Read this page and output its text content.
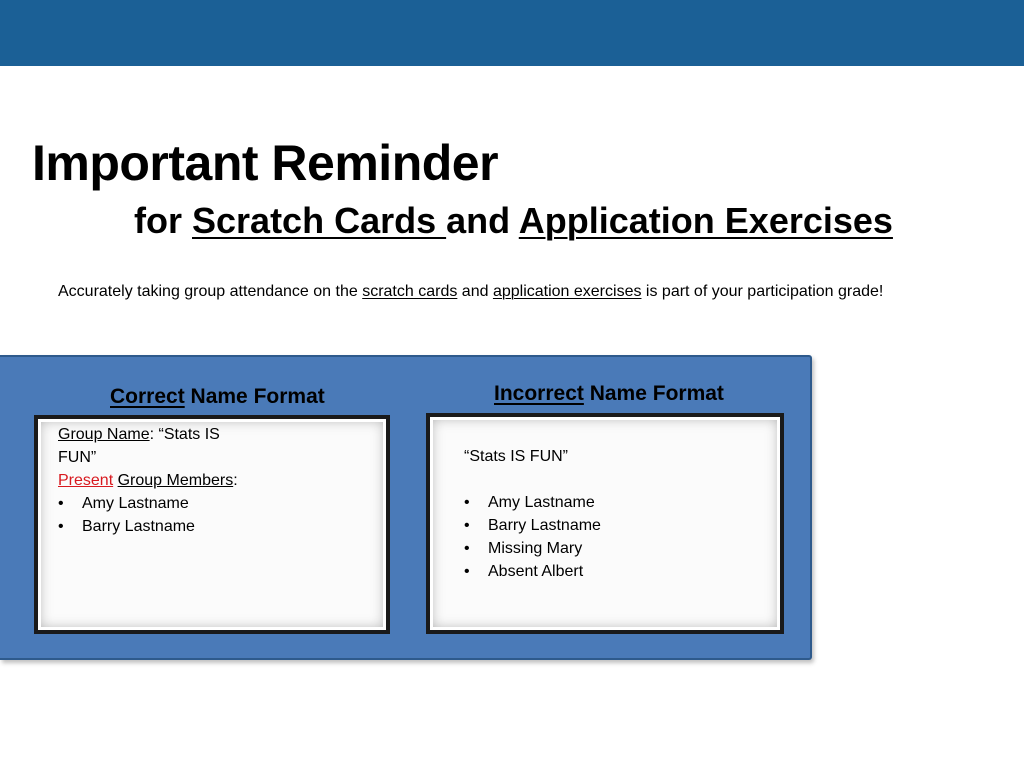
Important Reminder
for Scratch Cards and Application Exercises

Accurately taking group attendance on the scratch cards and application exercises is part of your participation grade!

Correct Name Format
Group Name: “Stats IS
FUN”
Present Group Members:
• Amy Lastname
• Barry Lastname
Incorrect Name Format
“Stats IS FUN”
• Amy Lastname
• Barry Lastname
• Missing Mary
• Absent Albert
